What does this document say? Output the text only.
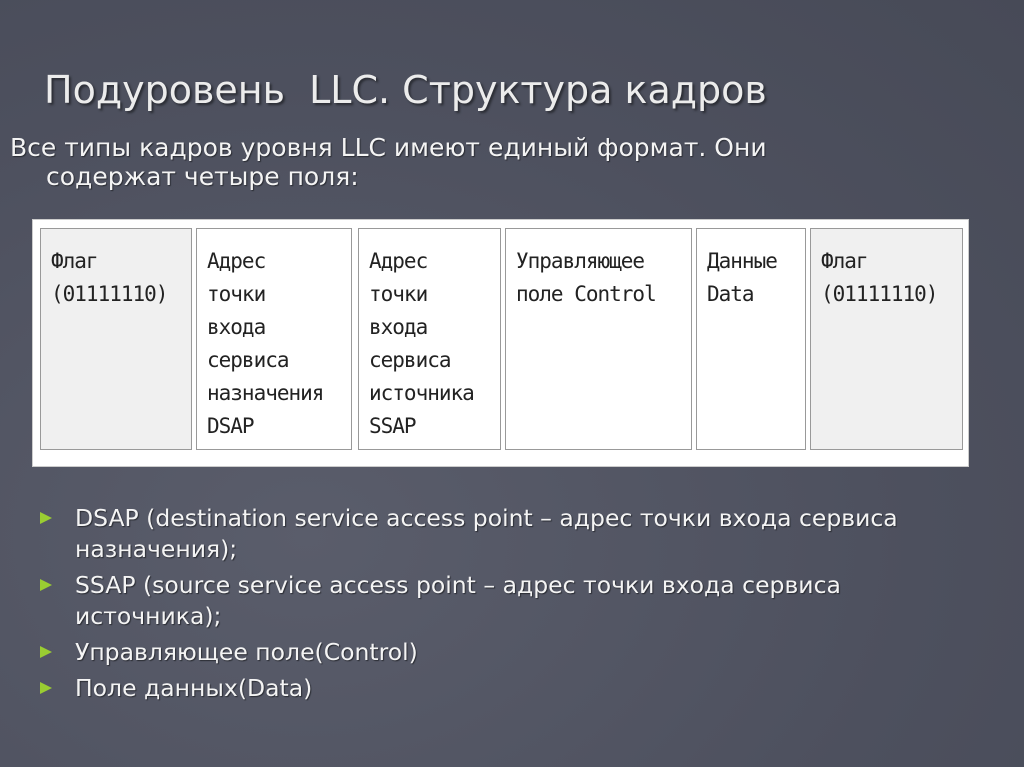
Подуровень  LLC. Структура кадров
Все типы кадров уровня LLC имеют единый формат. Они
содержат четыре поля:
Флаг
(01111110)
Адрес
точки
входа
сервиса
назначения
DSAP
Адрес
точки
входа
сервиса
источника
SSAP
Управляющее
поле Control
Данные
Data
Флаг
(01111110)
DSAP (destination service access point – адрес точки входа сервиса назначения);
SSAP (source service access point – адрес точки входа сервиса источника);
Управляющее поле(Control)
Поле данных(Data)
